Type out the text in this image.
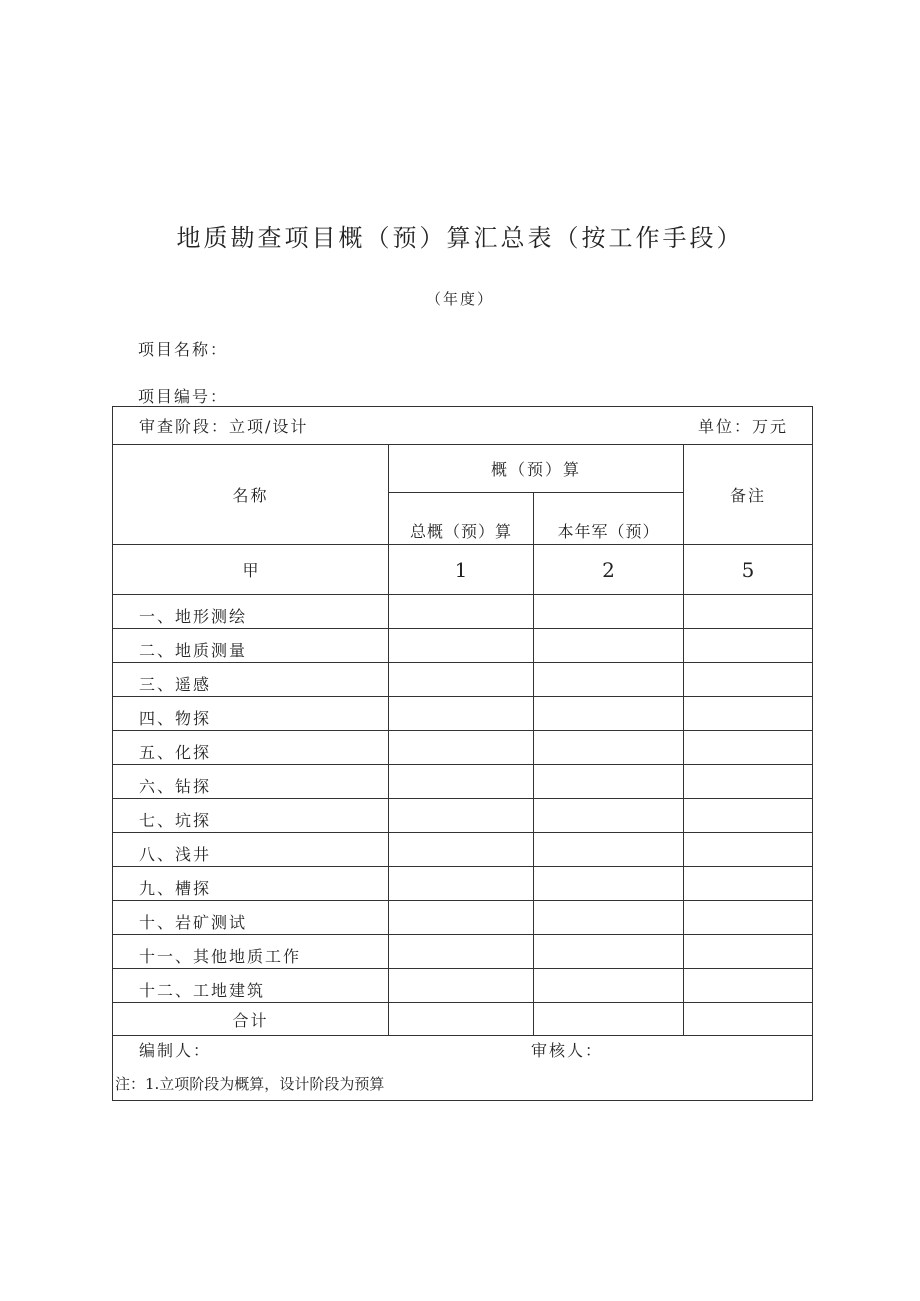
地质勘查项目概（预）算汇总表（按工作手段）
（年度）
项目名称：
项目编号：
审查阶段：立项/设计 单位：万元			

名称	概（预）算		备注
	总概（预）算	本年军（预）	
甲	1	2	5
一、地形测绘			
二、地质测量			
三、遥感			
四、物探			
五、化探			
六、钻探			
七、坑探			
八、浅井			
九、槽探			
十、岩矿测试			
十一、其他地质工作			
十二、工地建筑			
合计			

编制人： 审核人：			

注：1.立项阶段为概算，设计阶段为预算			
